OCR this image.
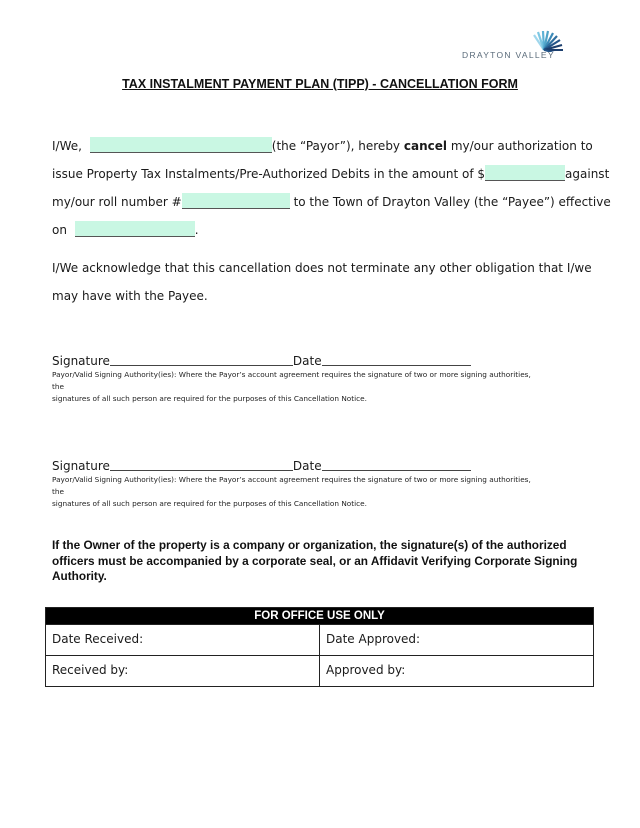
DRAYTON VALLEY
TAX INSTALMENT PAYMENT PLAN (TIPP) - CANCELLATION FORM
I/We,	(the “Payor”), hereby cancel my/our authorization to
issue Property Tax Instalments/Pre-Authorized Debits in the amount of $	against
my/our roll number #	to the Town of Drayton Valley (the “Payee”) effective
on	.
I/We acknowledge that this cancellation does not terminate any other obligation that I/we
may have with the Payee.
Signature	Date
Payor/Valid Signing Authority(ies): Where the Payor’s account agreement requires the signature of two or more signing authorities,
the
signatures of all such person are required for the purposes of this Cancellation Notice.
Signature	Date
Payor/Valid Signing Authority(ies): Where the Payor’s account agreement requires the signature of two or more signing authorities,
the
signatures of all such person are required for the purposes of this Cancellation Notice.
If the Owner of the property is a company or organization, the signature(s) of the authorized officers must be accompanied by a corporate seal, or an Affidavit Verifying Corporate Signing Authority.
FOR OFFICE USE ONLY
Date Received:	Date Approved:
Received by:	Approved by:
